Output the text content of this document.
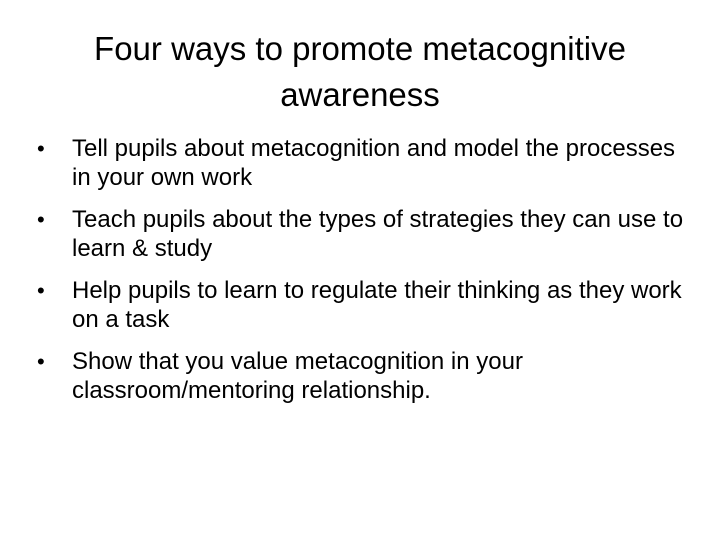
Four ways to promote metacognitive awareness
•	Tell pupils about metacognition and model the processes in your own work
•	Teach pupils about the types of strategies they can use to learn & study
•	Help pupils to learn to regulate their thinking as they work on a task
•	Show that you value metacognition in your classroom/mentoring relationship.
